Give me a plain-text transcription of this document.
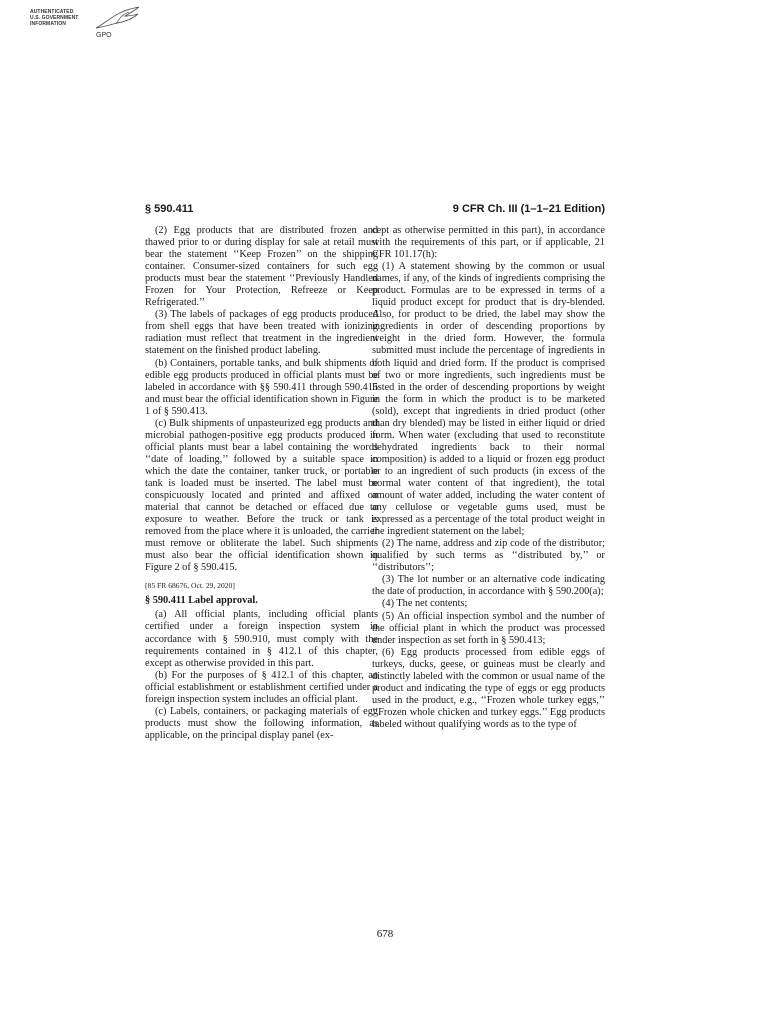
AUTHENTICATED
U.S. GOVERNMENT
INFORMATION
GPO
§ 590.411	9 CFR Ch. III (1–1–21 Edition)

(2) Egg products that are distributed frozen and thawed prior to or during display for sale at retail must bear the statement ‘‘Keep Frozen’’ on the shipping container. Consumer-sized containers for such egg products must bear the statement ‘‘Previously Handled Frozen for Your Protection, Refreeze or Keep Refrigerated.’’

(3) The labels of packages of egg products produced from shell eggs that have been treated with ionizing radiation must reflect that treatment in the ingredient statement on the finished product labeling.

(b) Containers, portable tanks, and bulk shipments of edible egg products produced in official plants must be labeled in accordance with §§ 590.411 through 590.415 and must bear the official identification shown in Figure 1 of § 590.413.

(c) Bulk shipments of unpasteurized egg products and microbial pathogen-positive egg products produced in official plants must bear a label containing the words ‘‘date of loading,’’ followed by a suitable space in which the date the container, tanker truck, or portable tank is loaded must be inserted. The label must be conspicuously located and printed and affixed on material that cannot be detached or effaced due to exposure to weather. Before the truck or tank is removed from the place where it is unloaded, the carrier must remove or obliterate the label. Such shipments must also bear the official identification shown in Figure 2 of § 590.415.

[85 FR 68676, Oct. 29, 2020]

§ 590.411 Label approval.

(a) All official plants, including official plants certified under a foreign inspection system in accordance with § 590.910, must comply with the requirements contained in § 412.1 of this chapter, except as otherwise provided in this part.

(b) For the purposes of § 412.1 of this chapter, an official establishment or establishment certified under a foreign inspection system includes an official plant.

(c) Labels, containers, or packaging materials of egg products must show the following information, as applicable, on the principal display panel (ex-

cept as otherwise permitted in this part), in accordance with the requirements of this part, or if applicable, 21 CFR 101.17(h):

(1) A statement showing by the common or usual names, if any, of the kinds of ingredients comprising the product. Formulas are to be expressed in terms of a liquid product except for product that is dry-blended. Also, for product to be dried, the label may show the ingredients in order of descending proportions by weight in the dried form. However, the formula submitted must include the percentage of ingredients in both liquid and dried form. If the product is comprised of two or more ingredients, such ingredients must be listed in the order of descending proportions by weight in the form in which the product is to be marketed (sold), except that ingredients in dried product (other than dry blended) may be listed in either liquid or dried form. When water (excluding that used to reconstitute dehydrated ingredients back to their normal composition) is added to a liquid or frozen egg product or to an ingredient of such products (in excess of the normal water content of that ingredient), the total amount of water added, including the water content of any cellulose or vegetable gums used, must be expressed as a percentage of the total product weight in the ingredient statement on the label;

(2) The name, address and zip code of the distributor; qualified by such terms as ‘‘distributed by,’’ or ‘‘distributors’’;

(3) The lot number or an alternative code indicating the date of production, in accordance with § 590.200(a);

(4) The net contents;

(5) An official inspection symbol and the number of the official plant in which the product was processed under inspection as set forth in § 590.413;

(6) Egg products processed from edible eggs of turkeys, ducks, geese, or guineas must be clearly and distinctly labeled with the common or usual name of the product and indicating the type of eggs or egg products used in the product, e.g., ‘‘Frozen whole turkey eggs,’’ ‘‘Frozen whole chicken and turkey eggs.’’ Egg products labeled without qualifying words as to the type of

678
